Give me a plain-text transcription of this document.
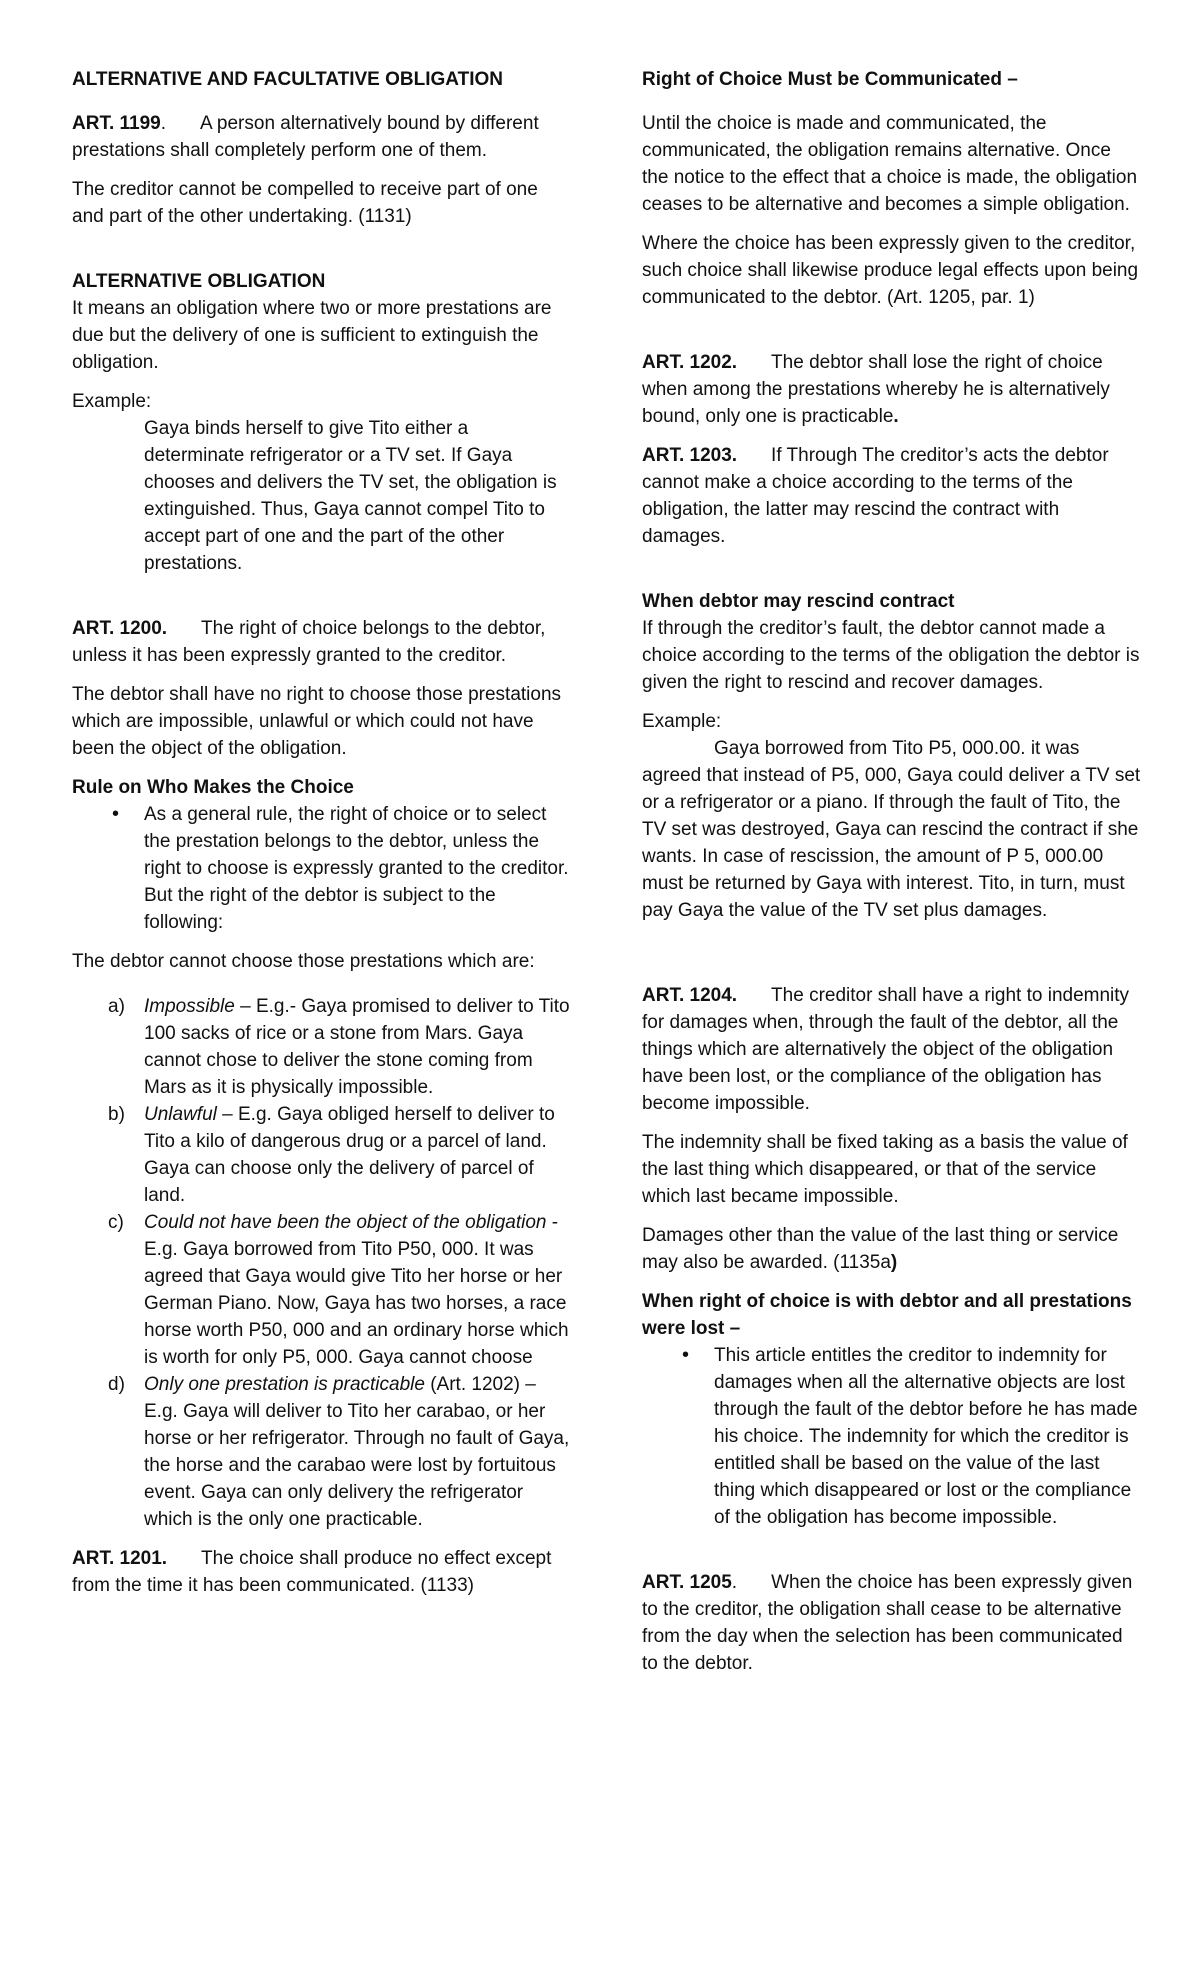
ALTERNATIVE AND FACULTATIVE OBLIGATION

ART. 1199. A person alternatively bound by different prestations shall completely perform one of them.

The creditor cannot be compelled to receive part of one and part of the other undertaking. (1131)

ALTERNATIVE OBLIGATION

It means an obligation where two or more prestations are due but the delivery of one is sufficient to extinguish the obligation.

Example:

Gaya binds herself to give Tito either a determinate refrigerator or a TV set. If Gaya chooses and delivers the TV set, the obligation is extinguished. Thus, Gaya cannot compel Tito to accept part of one and the part of the other prestations.

ART. 1200. The right of choice belongs to the debtor, unless it has been expressly granted to the creditor.

The debtor shall have no right to choose those prestations which are impossible, unlawful or which could not have been the object of the obligation.

Rule on Who Makes the Choice

• As a general rule, the right of choice or to select the prestation belongs to the debtor, unless the right to choose is expressly granted to the creditor. But the right of the debtor is subject to the following:

The debtor cannot choose those prestations which are:

a) Impossible – E.g.- Gaya promised to deliver to Tito 100 sacks of rice or a stone from Mars. Gaya cannot chose to deliver the stone coming from Mars as it is physically impossible.
b) Unlawful – E.g. Gaya obliged herself to deliver to Tito a kilo of dangerous drug or a parcel of land. Gaya can choose only the delivery of parcel of land.
c) Could not have been the object of the obligation - E.g. Gaya borrowed from Tito P50, 000. It was agreed that Gaya would give Tito her horse or her German Piano. Now, Gaya has two horses, a race horse worth P50, 000 and an ordinary horse which is worth for only P5, 000. Gaya cannot choose
d) Only one prestation is practicable (Art. 1202) – E.g. Gaya will deliver to Tito her carabao, or her horse or her refrigerator. Through no fault of Gaya, the horse and the carabao were lost by fortuitous event. Gaya can only delivery the refrigerator which is the only one practicable.

ART. 1201. The choice shall produce no effect except from the time it has been communicated. (1133)

Right of Choice Must be Communicated –

Until the choice is made and communicated, the communicated, the obligation remains alternative. Once the notice to the effect that a choice is made, the obligation ceases to be alternative and becomes a simple obligation.

Where the choice has been expressly given to the creditor, such choice shall likewise produce legal effects upon being communicated to the debtor. (Art. 1205, par. 1)

ART. 1202. The debtor shall lose the right of choice when among the prestations whereby he is alternatively bound, only one is practicable.

ART. 1203. If Through The creditor’s acts the debtor cannot make a choice according to the terms of the obligation, the latter may rescind the contract with damages.

When debtor may rescind contract

If through the creditor’s fault, the debtor cannot made a choice according to the terms of the obligation the debtor is given the right to rescind and recover damages.

Example:

Gaya borrowed from Tito P5, 000.00. it was agreed that instead of P5, 000, Gaya could deliver a TV set or a refrigerator or a piano. If through the fault of Tito, the TV set was destroyed, Gaya can rescind the contract if she wants. In case of rescission, the amount of P 5, 000.00 must be returned by Gaya with interest. Tito, in turn, must pay Gaya the value of the TV set plus damages.

ART. 1204. The creditor shall have a right to indemnity for damages when, through the fault of the debtor, all the things which are alternatively the object of the obligation have been lost, or the compliance of the obligation has become impossible.

The indemnity shall be fixed taking as a basis the value of the last thing which disappeared, or that of the service which last became impossible.

Damages other than the value of the last thing or service may also be awarded. (1135a)

When right of choice is with debtor and all prestations were lost –

• This article entitles the creditor to indemnity for damages when all the alternative objects are lost through the fault of the debtor before he has made his choice. The indemnity for which the creditor is entitled shall be based on the value of the last thing which disappeared or lost or the compliance of the obligation has become impossible.

ART. 1205. When the choice has been expressly given to the creditor, the obligation shall cease to be alternative from the day when the selection has been communicated to the debtor.
